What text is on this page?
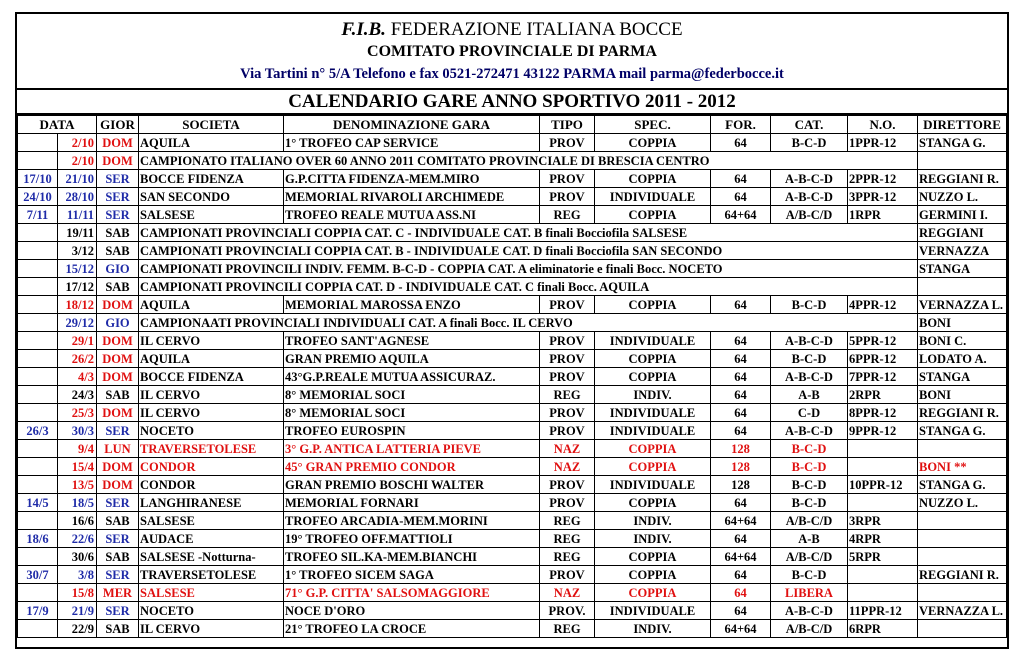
F.I.B. FEDERAZIONE ITALIANA BOCCE
COMITATO PROVINCIALE DI PARMA
Via Tartini n° 5/A Telefono e fax 0521-272471 43122 PARMA mail parma@federbocce.it
CALENDARIO GARE ANNO SPORTIVO 2011 - 2012
DATA		GIOR	SOCIETA	DENOMINAZIONE GARA	TIPO	SPEC.	FOR.	CAT.	N.O.	DIRETTORE
	2/10	DOM	AQUILA	1° TROFEO CAP SERVICE	PROV	COPPIA	64	B-C-D	1PPR-12	STANGA G.
	2/10	DOM	CAMPIONATO ITALIANO OVER 60 ANNO 2011 COMITATO PROVINCIALE DI BRESCIA CENTRO							
17/10	21/10	SER	BOCCE FIDENZA	G.P.CITTA FIDENZA-MEM.MIRO	PROV	COPPIA	64	A-B-C-D	2PPR-12	REGGIANI R.
24/10	28/10	SER	SAN SECONDO	MEMORIAL RIVAROLI ARCHIMEDE	PROV	INDIVIDUALE	64	A-B-C-D	3PPR-12	NUZZO L.
7/11	11/11	SER	SALSESE	TROFEO REALE MUTUA ASS.NI	REG	COPPIA	64+64	A/B-C/D	1RPR	GERMINI I.
	19/11	SAB	CAMPIONATI PROVINCIALI COPPIA CAT. C - INDIVIDUALE CAT. B finali Bocciofila SALSESE							REGGIANI
	3/12	SAB	CAMPIONATI PROVINCIALI COPPIA CAT. B - INDIVIDUALE CAT. D finali Bocciofila SAN SECONDO							VERNAZZA
	15/12	GIO	CAMPIONATI PROVINCILI INDIV. FEMM. B-C-D - COPPIA CAT. A eliminatorie e finali Bocc. NOCETO							STANGA
	17/12	SAB	CAMPIONATI PROVINCILI COPPIA CAT. D - INDIVIDUALE CAT. C finali Bocc. AQUILA							
	18/12	DOM	AQUILA	MEMORIAL MAROSSA ENZO	PROV	COPPIA	64	B-C-D	4PPR-12	VERNAZZA L.
	29/12	GIO	CAMPIONAATI PROVINCIALI INDIVIDUALI CAT. A finali Bocc. IL CERVO							BONI
	29/1	DOM	IL CERVO	TROFEO SANT'AGNESE	PROV	INDIVIDUALE	64	A-B-C-D	5PPR-12	BONI C.
	26/2	DOM	AQUILA	GRAN PREMIO AQUILA	PROV	COPPIA	64	B-C-D	6PPR-12	LODATO A.
	4/3	DOM	BOCCE FIDENZA	43°G.P.REALE MUTUA ASSICURAZ.	PROV	COPPIA	64	A-B-C-D	7PPR-12	STANGA
	24/3	SAB	IL CERVO	8° MEMORIAL SOCI	REG	INDIV.	64	A-B	2RPR	BONI
	25/3	DOM	IL CERVO	8° MEMORIAL SOCI	PROV	INDIVIDUALE	64	C-D	8PPR-12	REGGIANI R.
26/3	30/3	SER	NOCETO	TROFEO EUROSPIN	PROV	INDIVIDUALE	64	A-B-C-D	9PPR-12	STANGA G.
	9/4	LUN	TRAVERSETOLESE	3° G.P. ANTICA LATTERIA PIEVE	NAZ	COPPIA	128	B-C-D		
	15/4	DOM	CONDOR	45° GRAN PREMIO CONDOR	NAZ	COPPIA	128	B-C-D		BONI **
	13/5	DOM	CONDOR	GRAN PREMIO BOSCHI WALTER	PROV	INDIVIDUALE	128	B-C-D	10PPR-12	STANGA G.
14/5	18/5	SER	LANGHIRANESE	MEMORIAL FORNARI	PROV	COPPIA	64	B-C-D		NUZZO L.
	16/6	SAB	SALSESE	TROFEO ARCADIA-MEM.MORINI	REG	INDIV.	64+64	A/B-C/D	3RPR	
18/6	22/6	SER	AUDACE	19° TROFEO OFF.MATTIOLI	REG	INDIV.	64	A-B	4RPR	
	30/6	SAB	SALSESE -Notturna-	TROFEO SIL.KA-MEM.BIANCHI	REG	COPPIA	64+64	A/B-C/D	5RPR	
30/7	3/8	SER	TRAVERSETOLESE	1° TROFEO SICEM SAGA	PROV	COPPIA	64	B-C-D		REGGIANI R.
	15/8	MER	SALSESE	71° G.P. CITTA' SALSOMAGGIORE	NAZ	COPPIA	64	LIBERA		
17/9	21/9	SER	NOCETO	NOCE D'ORO	PROV.	INDIVIDUALE	64	A-B-C-D	11PPR-12	VERNAZZA L.
	22/9	SAB	IL CERVO	21° TROFEO LA CROCE	REG	INDIV.	64+64	A/B-C/D	6RPR	
